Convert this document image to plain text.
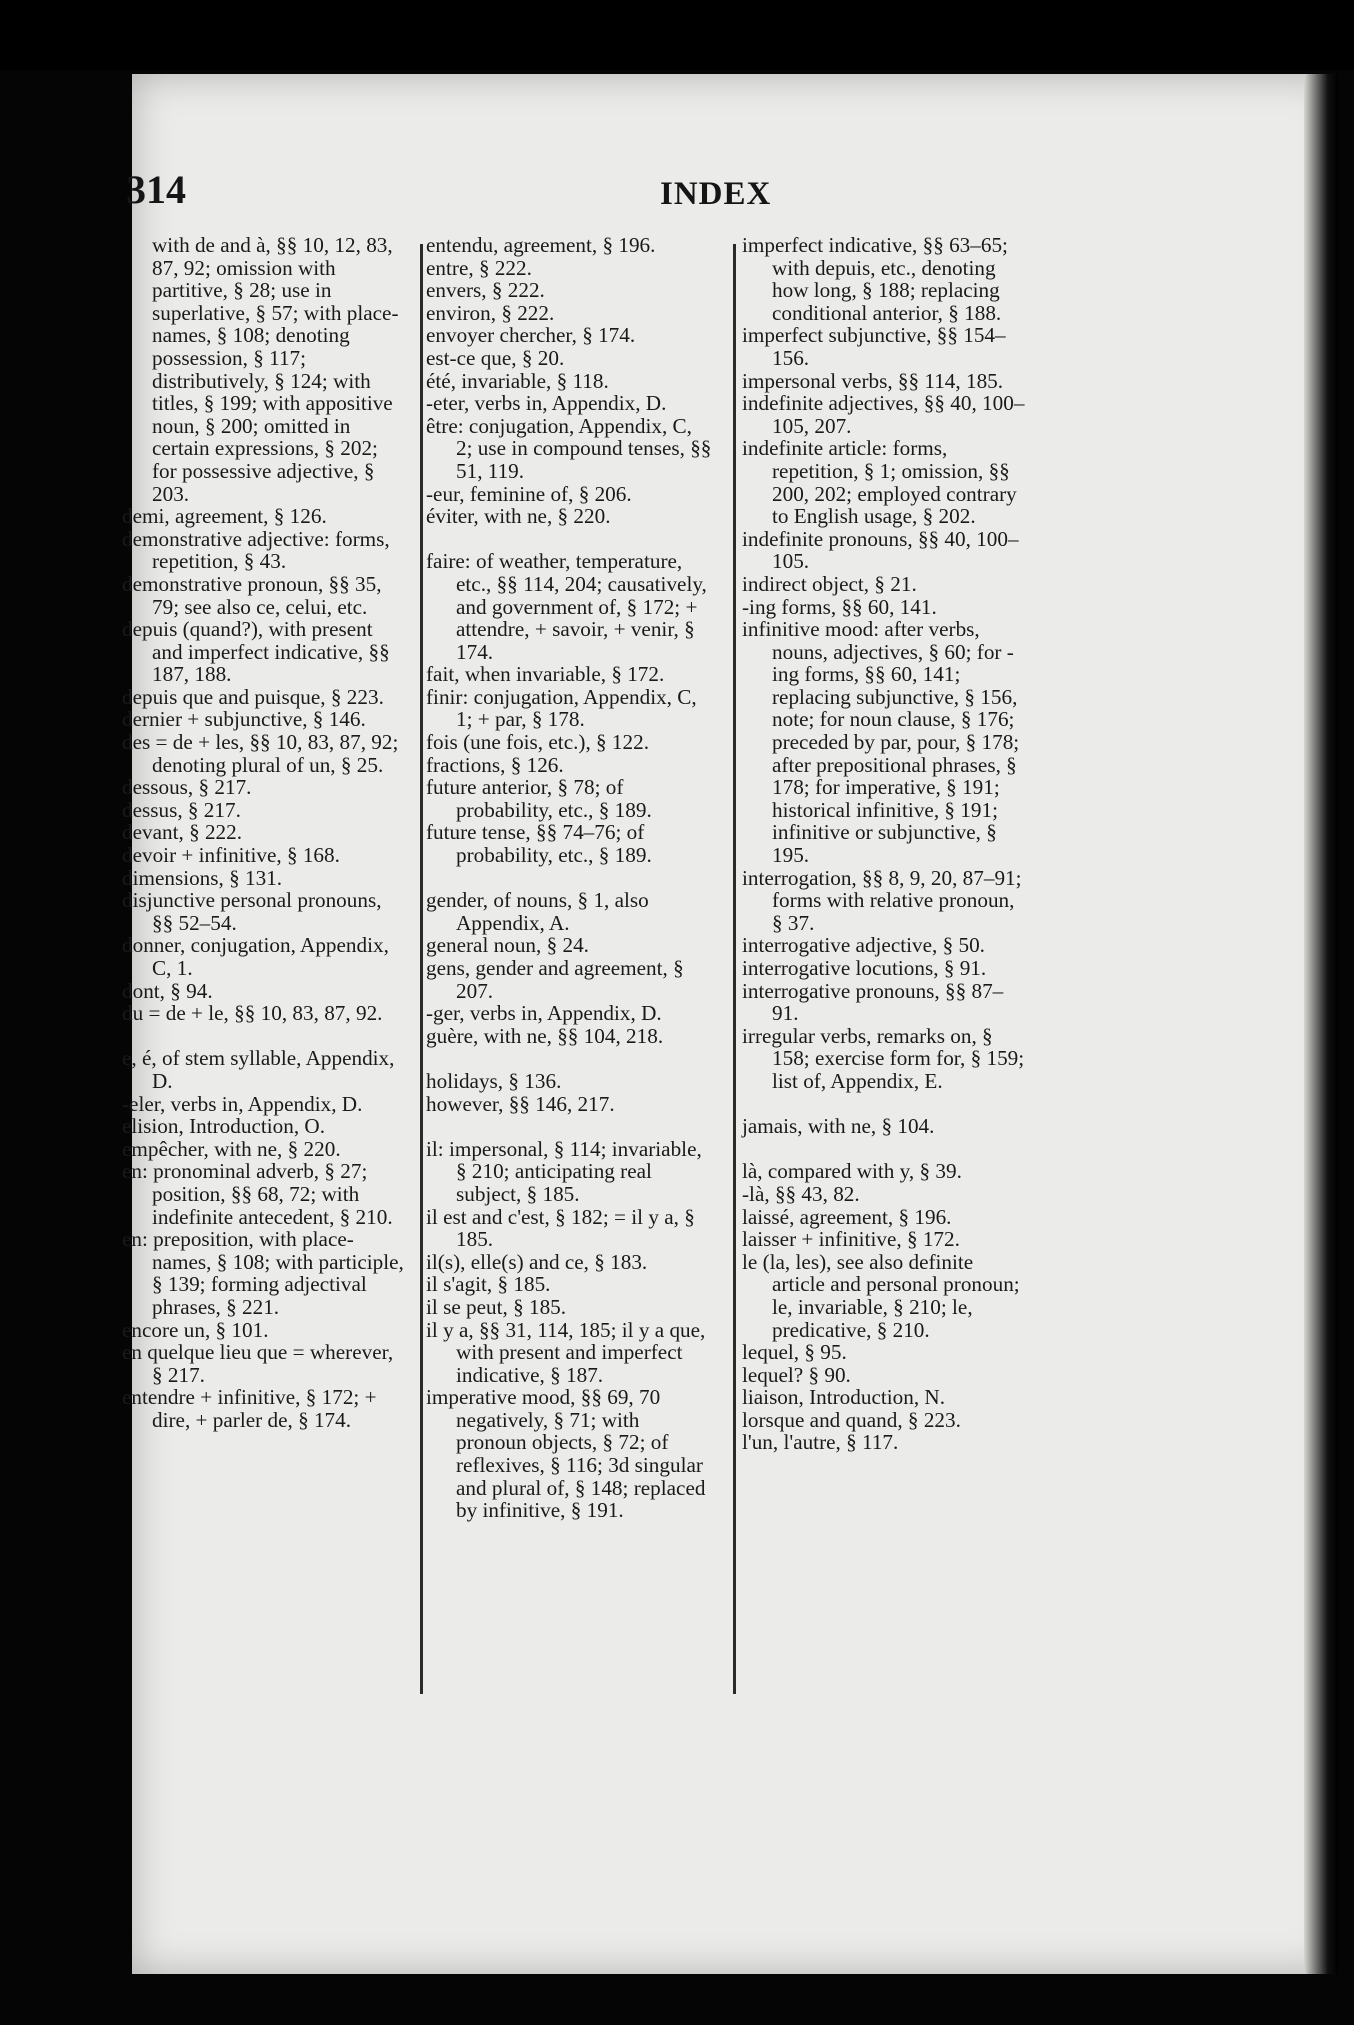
314	INDEX

with de and à, §§ 10, 12, 83, 87, 92; omission with partitive, § 28; use in superlative, § 57; with place-names, § 108; denoting possession, § 117; distributively, § 124; with titles, § 199; with appositive noun, § 200; omitted in certain expressions, § 202; for possessive adjective, § 203.

demi, agreement, § 126.

demonstrative adjective: forms, repetition, § 43.

demonstrative pronoun, §§ 35, 79; see also ce, celui, etc.

depuis (quand?), with present and imperfect indicative, §§ 187, 188.

depuis que and puisque, § 223.

dernier + subjunctive, § 146.

des = de + les, §§ 10, 83, 87, 92; denoting plural of un, § 25.

dessous, § 217.

dessus, § 217.

devant, § 222.

devoir + infinitive, § 168.

dimensions, § 131.

disjunctive personal pronouns, §§ 52–54.

donner, conjugation, Appendix, C, 1.

dont, § 94.

du = de + le, §§ 10, 83, 87, 92.

e, é, of stem syllable, Appendix, D.

-eler, verbs in, Appendix, D.

elision, Introduction, O.

empêcher, with ne, § 220.

en: pronominal adverb, § 27; position, §§ 68, 72; with indefinite antecedent, § 210.

en: preposition, with place-names, § 108; with participle, § 139; forming adjectival phrases, § 221.

encore un, § 101.

en quelque lieu que = wherever, § 217.

entendre + infinitive, § 172; + dire, + parler de, § 174.

entendu, agreement, § 196.

entre, § 222.

envers, § 222.

environ, § 222.

envoyer chercher, § 174.

est-ce que, § 20.

été, invariable, § 118.

-eter, verbs in, Appendix, D.

être: conjugation, Appendix, C, 2; use in compound tenses, §§ 51, 119.

-eur, feminine of, § 206.

éviter, with ne, § 220.

faire: of weather, temperature, etc., §§ 114, 204; causatively, and government of, § 172; + attendre, + savoir, + venir, § 174.

fait, when invariable, § 172.

finir: conjugation, Appendix, C, 1; + par, § 178.

fois (une fois, etc.), § 122.

fractions, § 126.

future anterior, § 78; of probability, etc., § 189.

future tense, §§ 74–76; of probability, etc., § 189.

gender, of nouns, § 1, also Appendix, A.

general noun, § 24.

gens, gender and agreement, § 207.

-ger, verbs in, Appendix, D.

guère, with ne, §§ 104, 218.

holidays, § 136.

however, §§ 146, 217.

il: impersonal, § 114; invariable, § 210; anticipating real subject, § 185.

il est and c'est, § 182; = il y a, § 185.

il(s), elle(s) and ce, § 183.

il s'agit, § 185.

il se peut, § 185.

il y a, §§ 31, 114, 185; il y a que, with present and imperfect indicative, § 187.

imperative mood, §§ 69, 70 negatively, § 71; with pronoun objects, § 72; of reflexives, § 116; 3d singular and plural of, § 148; replaced by infinitive, § 191.

imperfect indicative, §§ 63–65; with depuis, etc., denoting how long, § 188; replacing conditional anterior, § 188.

imperfect subjunctive, §§ 154–156.

impersonal verbs, §§ 114, 185.

indefinite adjectives, §§ 40, 100–105, 207.

indefinite article: forms, repetition, § 1; omission, §§ 200, 202; employed contrary to English usage, § 202.

indefinite pronouns, §§ 40, 100–105.

indirect object, § 21.

-ing forms, §§ 60, 141.

infinitive mood: after verbs, nouns, adjectives, § 60; for -ing forms, §§ 60, 141; replacing subjunctive, § 156, note; for noun clause, § 176; preceded by par, pour, § 178; after prepositional phrases, § 178; for imperative, § 191; historical infinitive, § 191; infinitive or subjunctive, § 195.

interrogation, §§ 8, 9, 20, 87–91; forms with relative pronoun, § 37.

interrogative adjective, § 50.

interrogative locutions, § 91.

interrogative pronouns, §§ 87–91.

irregular verbs, remarks on, § 158; exercise form for, § 159; list of, Appendix, E.

jamais, with ne, § 104.

là, compared with y, § 39.

-là, §§ 43, 82.

laissé, agreement, § 196.

laisser + infinitive, § 172.

le (la, les), see also definite article and personal pronoun; le, invariable, § 210; le, predicative, § 210.

lequel, § 95.

lequel? § 90.

liaison, Introduction, N.

lorsque and quand, § 223.

l'un, l'autre, § 117.
